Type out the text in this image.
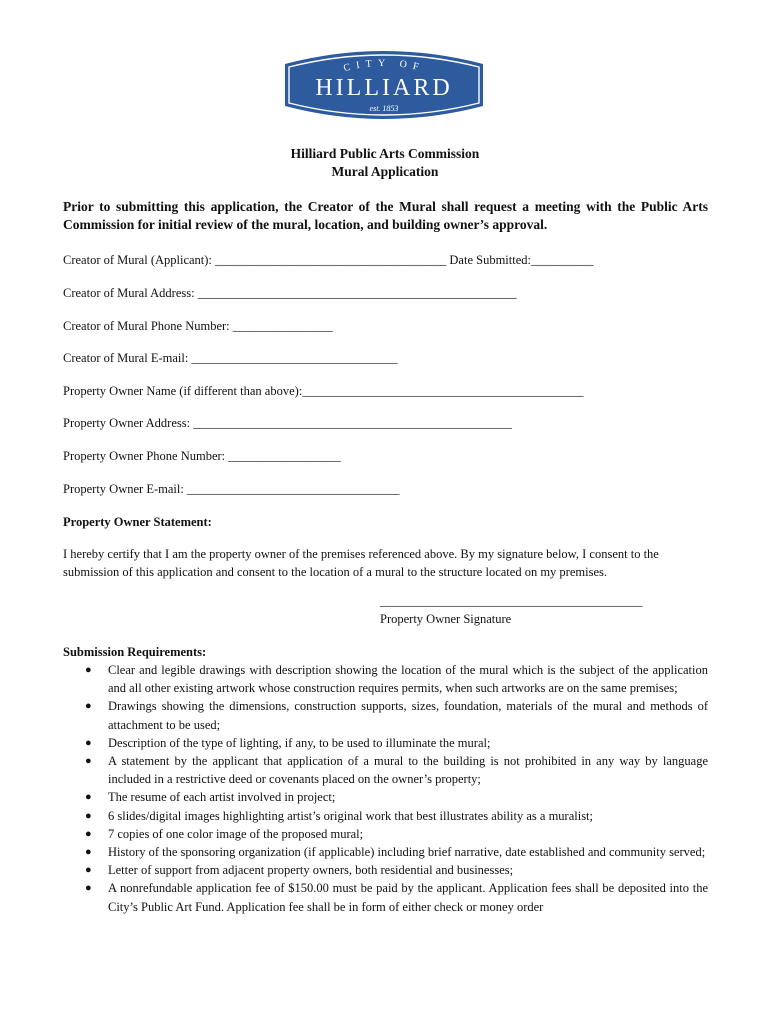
CITY OF
HILLIARD
est. 1853
Hilliard Public Arts Commission
Mural Application
Prior to submitting this application, the Creator of the Mural shall request a meeting with the Public Arts Commission for initial review of the mural, location, and building owner’s approval.
Creator of Mural (Applicant): _____________________________________ Date Submitted:__________
Creator of Mural Address: ___________________________________________________
Creator of Mural Phone Number: ________________
Creator of Mural E-mail: _________________________________
Property Owner Name (if different than above):_____________________________________________
Property Owner Address: ___________________________________________________
Property Owner Phone Number: __________________
Property Owner E-mail: __________________________________
Property Owner Statement:
I hereby certify that I am the property owner of the premises referenced above. By my signature below, I consent to the submission of this application and consent to the location of a mural to the structure located on my premises.
__________________________________________
Property Owner Signature
Submission Requirements:
● Clear and legible drawings with description showing the location of the mural which is the subject of the application and all other existing artwork whose construction requires permits, when such artworks are on the same premises;
● Drawings showing the dimensions, construction supports, sizes, foundation, materials of the mural and methods of attachment to be used;
● Description of the type of lighting, if any, to be used to illuminate the mural;
● A statement by the applicant that application of a mural to the building is not prohibited in any way by language included in a restrictive deed or covenants placed on the owner’s property;
● The resume of each artist involved in project;
● 6 slides/digital images highlighting artist’s original work that best illustrates ability as a muralist;
● 7 copies of one color image of the proposed mural;
● History of the sponsoring organization (if applicable) including brief narrative, date established and community served;
● Letter of support from adjacent property owners, both residential and businesses;
● A nonrefundable application fee of $150.00 must be paid by the applicant. Application fees shall be deposited into the City’s Public Art Fund. Application fee shall be in form of either check or money order
